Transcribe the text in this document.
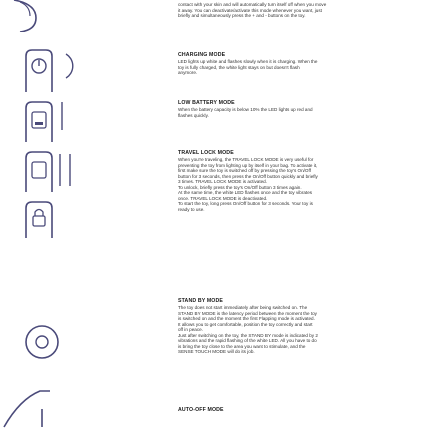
contact with your skin and will automatically turn itself off when you move
it away. You can deactivate/activate this mode whenever you want, just
briefly and simultaneously press the + and - buttons on the toy.

CHARGING MODE

LED lights up white and flashes slowly when it is charging. When the
toy is fully charged, the white light stays on but doesn't flash
anymore.

LOW BATTERY MODE

When the battery capacity is below 10% the LED lights up red and
flashes quickly.

TRAVEL LOCK MODE

When you're traveling, the TRAVEL LOCK MODE is very useful for
preventing the toy from lighting up by itself in your bag. To activate it,
first make sure the toy is switched off by pressing the toy's On/Off
button for 3 seconds, then press the On/Off button quickly and briefly
3 times. TRAVEL LOCK MODE is activated.
To unlock, briefly press the toy's On/Off button 3 times again.
At the same time, the white LED flashes once and the toy vibrates
once. TRAVEL LOCK MODE is deactivated.
To start the toy, long press On/Off button for 3 seconds. Your toy is
ready to use.

STAND BY MODE

The toy does not start immediately after being switched on. The
STAND BY MODE is the latency period between the moment the toy
is switched on and the moment the first Flapping mode is activated.
It allows you to get comfortable, position the toy correctly and start
off in peace.
Just after switching on the toy, the STAND BY mode is indicated by 2
vibrations and the rapid flashing of the white LED. All you have to do
is bring the toy close to the area you want to stimulate, and the
SENSE TOUCH MODE will do its job.

AUTO-OFF MODE
